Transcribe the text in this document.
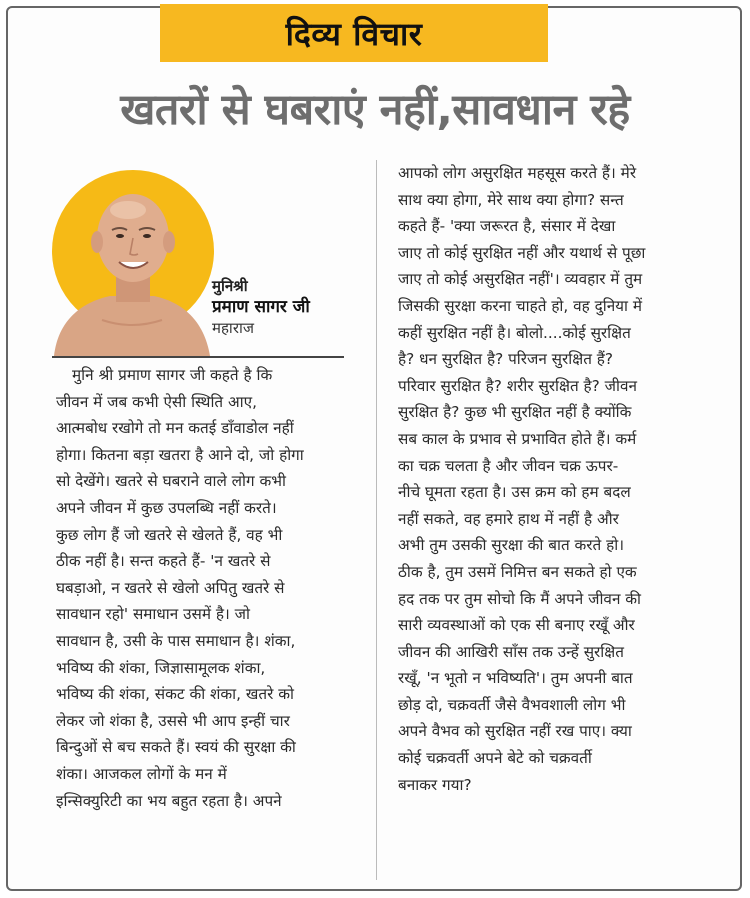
दिव्य विचार
खतरों से घबराएं नहीं,सावधान रहे
मुनिश्री
प्रमाण सागर जी
महाराज
मुनि श्री प्रमाण सागर जी कहते है कि
जीवन में जब कभी ऐसी स्थिति आए,
आत्मबोध रखोगे तो मन कतई डाँवाडोल नहीं
होगा। कितना बड़ा खतरा है आने दो, जो होगा
सो देखेंगे। खतरे से घबराने वाले लोग कभी
अपने जीवन में कुछ उपलब्धि नहीं करते।
कुछ लोग हैं जो खतरे से खेलते हैं, वह भी
ठीक नहीं है। सन्त कहते हैं- 'न खतरे से
घबड़ाओ, न खतरे से खेलो अपितु खतरे से
सावधान रहो' समाधान उसमें है। जो
सावधान है, उसी के पास समाधान है। शंका,
भविष्य की शंका, जिज्ञासामूलक शंका,
भविष्य की शंका, संकट की शंका, खतरे को
लेकर जो शंका है, उससे भी आप इन्हीं चार
बिन्दुओं से बच सकते हैं। स्वयं की सुरक्षा की
शंका। आजकल लोगों के मन में
इन्सिक्युरिटी का भय बहुत रहता है। अपने
आपको लोग असुरक्षित महसूस करते हैं। मेरे
साथ क्या होगा, मेरे साथ क्या होगा? सन्त
कहते हैं- 'क्या जरूरत है, संसार में देखा
जाए तो कोई सुरक्षित नहीं और यथार्थ से पूछा
जाए तो कोई असुरक्षित नहीं'। व्यवहार में तुम
जिसकी सुरक्षा करना चाहते हो, वह दुनिया में
कहीं सुरक्षित नहीं है। बोलो....कोई सुरक्षित
है? धन सुरक्षित है? परिजन सुरक्षित हैं?
परिवार सुरक्षित है? शरीर सुरक्षित है? जीवन
सुरक्षित है? कुछ भी सुरक्षित नहीं है क्योंकि
सब काल के प्रभाव से प्रभावित होते हैं। कर्म
का चक्र चलता है और जीवन चक्र ऊपर-
नीचे घूमता रहता है। उस क्रम को हम बदल
नहीं सकते, वह हमारे हाथ में नहीं है और
अभी तुम उसकी सुरक्षा की बात करते हो।
ठीक है, तुम उसमें निमित्त बन सकते हो एक
हद तक पर तुम सोचो कि मैं अपने जीवन की
सारी व्यवस्थाओं को एक सी बनाए रखूँ और
जीवन की आखिरी साँस तक उन्हें सुरक्षित
रखूँ, 'न भूतो न भविष्यति'। तुम अपनी बात
छोड़ दो, चक्रवर्ती जैसे वैभवशाली लोग भी
अपने वैभव को सुरक्षित नहीं रख पाए। क्या
कोई चक्रवर्ती अपने बेटे को चक्रवर्ती
बनाकर गया?
